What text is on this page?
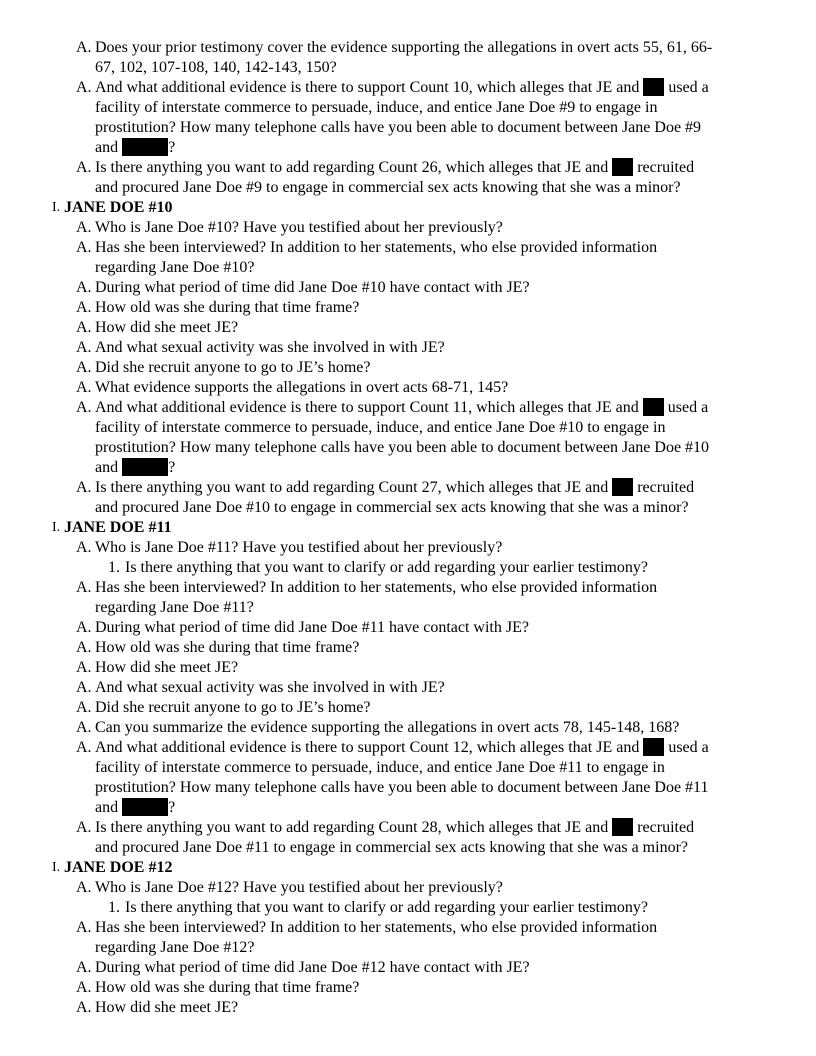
A. Does your prior testimony cover the evidence supporting the allegations in overt acts 55, 61, 66-
67, 102, 107-108, 140, 142-143, 150?
A. And what additional evidence is there to support Count 10, which alleges that JE and used a
facility of interstate commerce to persuade, induce, and entice Jane Doe #9 to engage in
prostitution? How many telephone calls have you been able to document between Jane Doe #9
and	?
A. Is there anything you want to add regarding Count 26, which alleges that JE and recruited
and procured Jane Doe #9 to engage in commercial sex acts knowing that she was a minor?
I. JANE DOE #10
A. Who is Jane Doe #10? Have you testified about her previously?
A. Has she been interviewed? In addition to her statements, who else provided information
regarding Jane Doe #10?
A. During what period of time did Jane Doe #10 have contact with JE?
A. How old was she during that time frame?
A. How did she meet JE?
A. And what sexual activity was she involved in with JE?
A. Did she recruit anyone to go to JE’s home?
A. What evidence supports the allegations in overt acts 68-71, 145?
A. And what additional evidence is there to support Count 11, which alleges that JE and used a
facility of interstate commerce to persuade, induce, and entice Jane Doe #10 to engage in
prostitution? How many telephone calls have you been able to document between Jane Doe #10
and	?
A. Is there anything you want to add regarding Count 27, which alleges that JE and recruited
and procured Jane Doe #10 to engage in commercial sex acts knowing that she was a minor?
I. JANE DOE #11
A. Who is Jane Doe #11? Have you testified about her previously?
1. Is there anything that you want to clarify or add regarding your earlier testimony?
A. Has she been interviewed? In addition to her statements, who else provided information
regarding Jane Doe #11?
A. During what period of time did Jane Doe #11 have contact with JE?
A. How old was she during that time frame?
A. How did she meet JE?
A. And what sexual activity was she involved in with JE?
A. Did she recruit anyone to go to JE’s home?
A. Can you summarize the evidence supporting the allegations in overt acts 78, 145-148, 168?
A. And what additional evidence is there to support Count 12, which alleges that JE and used a
facility of interstate commerce to persuade, induce, and entice Jane Doe #11 to engage in
prostitution? How many telephone calls have you been able to document between Jane Doe #11
and	?
A. Is there anything you want to add regarding Count 28, which alleges that JE and recruited
and procured Jane Doe #11 to engage in commercial sex acts knowing that she was a minor?
I. JANE DOE #12
A. Who is Jane Doe #12? Have you testified about her previously?
1. Is there anything that you want to clarify or add regarding your earlier testimony?
A. Has she been interviewed? In addition to her statements, who else provided information
regarding Jane Doe #12?
A. During what period of time did Jane Doe #12 have contact with JE?
A. How old was she during that time frame?
A. How did she meet JE?
